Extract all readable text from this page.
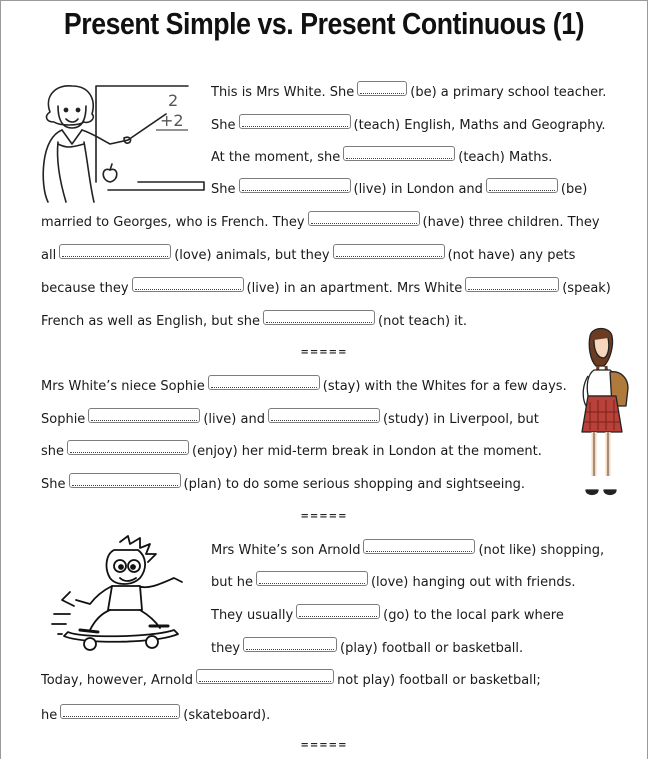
Present Simple vs. Present Continuous (1)
2
+2
This is Mrs White. She	(be) a primary school teacher.
She	(teach) English, Maths and Geography.
At the moment, she	(teach) Maths.
She	(live) in London and	(be)
married to Georges, who is French. They	(have) three children. They
all	(love) animals, but they	(not have) any pets
because they	(live) in an apartment. Mrs White	(speak)
French as well as English, but she	(not teach) it.
=====
Mrs White’s niece Sophie	(stay) with the Whites for a few days.
Sophie	(live) and	(study) in Liverpool, but
she	(enjoy) her mid-term break in London at the moment.
She	(plan) to do some serious shopping and sightseeing.
=====
Mrs White’s son Arnold	(not like) shopping,
but he	(love) hanging out with friends.
They usually	(go) to the local park where
they	(play) football or basketball.
Today, however, Arnold	not play) football or basketball;
he	(skateboard).
=====
